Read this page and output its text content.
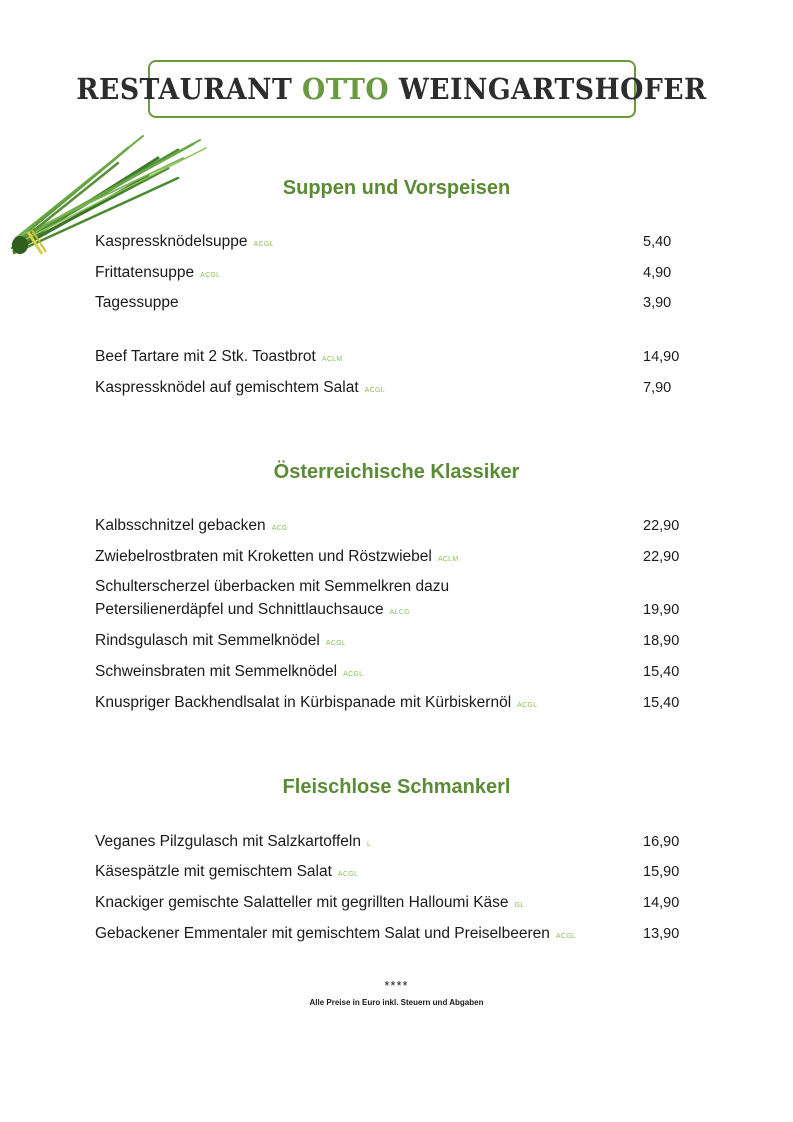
RESTAURANT OTTO WEINGARTSHOFER
Suppen und Vorspeisen
Kaspressknödelsuppe ACGL	5,40
Frittatensuppe ACGL	4,90
Tagessuppe	3,90
Beef Tartare mit 2 Stk. Toastbrot ACLM	14,90
Kaspressknödel auf gemischtem Salat ACGL	7,90
Österreichische Klassiker
Kalbsschnitzel gebacken ACG	22,90
Zwiebelrostbraten mit Kroketten und Röstzwiebel ACLM	22,90
Schulterscherzel überbacken mit Semmelkren dazu
Petersilienerdäpfel und Schnittlauchsauce ALCG	19,90
Rindsgulasch mit Semmelknödel ACGL	18,90
Schweinsbraten mit Semmelknödel ACGL	15,40
Knuspriger Backhendlsalat in Kürbispanade mit Kürbiskernöl ACGL	15,40
Fleischlose Schmankerl
Veganes Pilzgulasch mit Salzkartoffeln L	16,90
Käsespätzle mit gemischtem Salat ACGL	15,90
Knackiger gemischte Salatteller mit gegrillten Halloumi Käse GL	14,90
Gebackener Emmentaler mit gemischtem Salat und Preiselbeeren ACGL	13,90
****
Alle Preise in Euro inkl. Steuern und Abgaben
